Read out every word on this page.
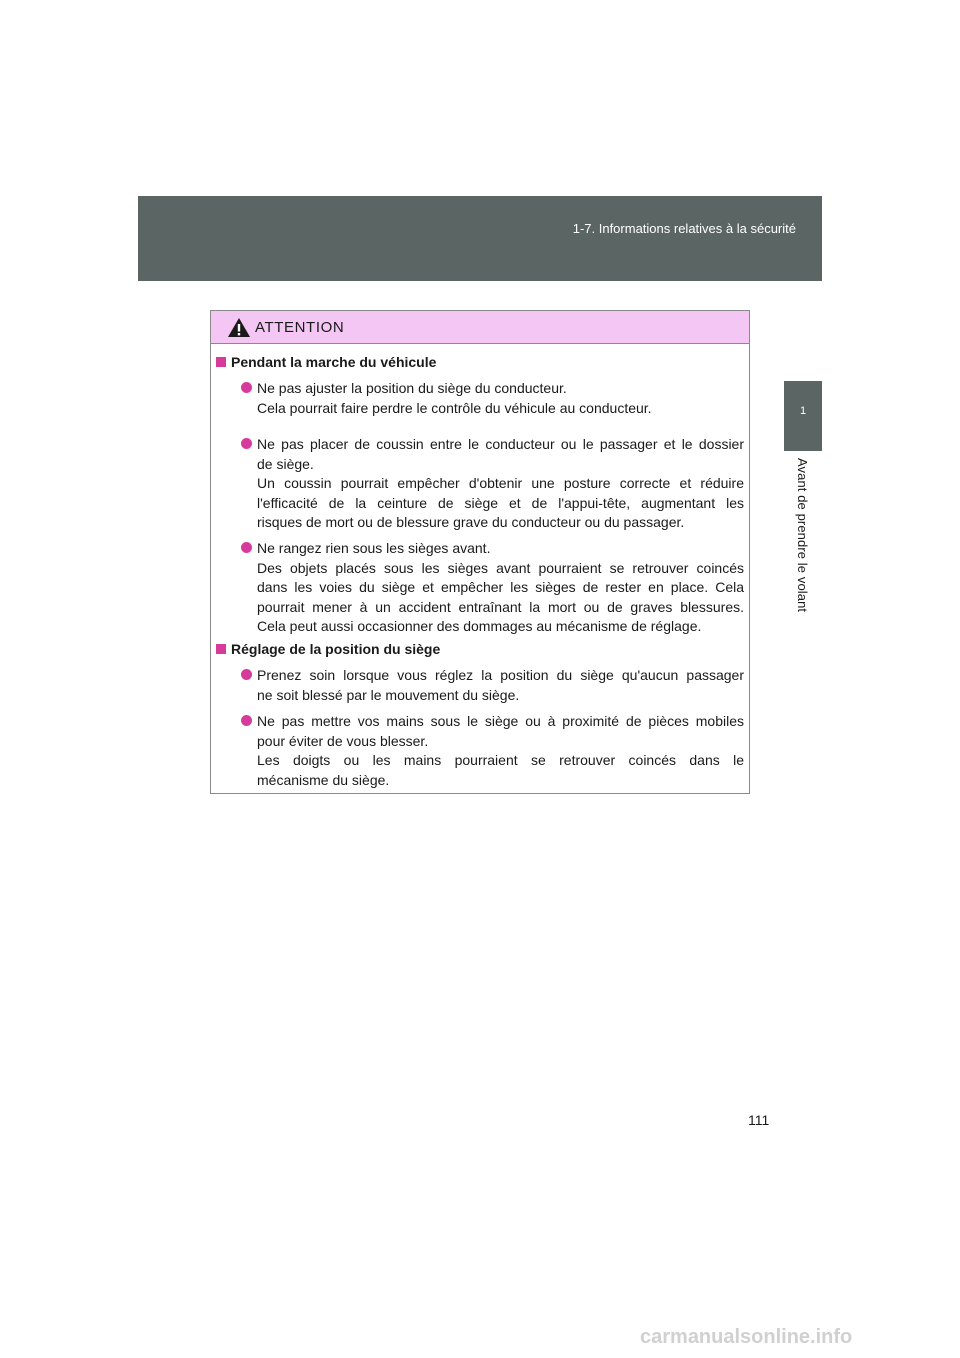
1-7. Informations relatives à la sécurité
1
Avant de prendre le volant
ATTENTION
Pendant la marche du véhicule
Ne pas ajuster la position du siège du conducteur.
Cela pourrait faire perdre le contrôle du véhicule au conducteur.
Ne pas placer de coussin entre le conducteur ou le passager et le dossier
de siège.
Un coussin pourrait empêcher d'obtenir une posture correcte et réduire
l'efficacité de la ceinture de siège et de l'appui-tête, augmentant les
risques de mort ou de blessure grave du conducteur ou du passager.
Ne rangez rien sous les sièges avant.
Des objets placés sous les sièges avant pourraient se retrouver coincés
dans les voies du siège et empêcher les sièges de rester en place. Cela
pourrait mener à un accident entraînant la mort ou de graves blessures.
Cela peut aussi occasionner des dommages au mécanisme de réglage.
Réglage de la position du siège
Prenez soin lorsque vous réglez la position du siège qu'aucun passager
ne soit blessé par le mouvement du siège.
Ne pas mettre vos mains sous le siège ou à proximité de pièces mobiles
pour éviter de vous blesser.
Les doigts ou les mains pourraient se retrouver coincés dans le
mécanisme du siège.
111
carmanualsonline.info
